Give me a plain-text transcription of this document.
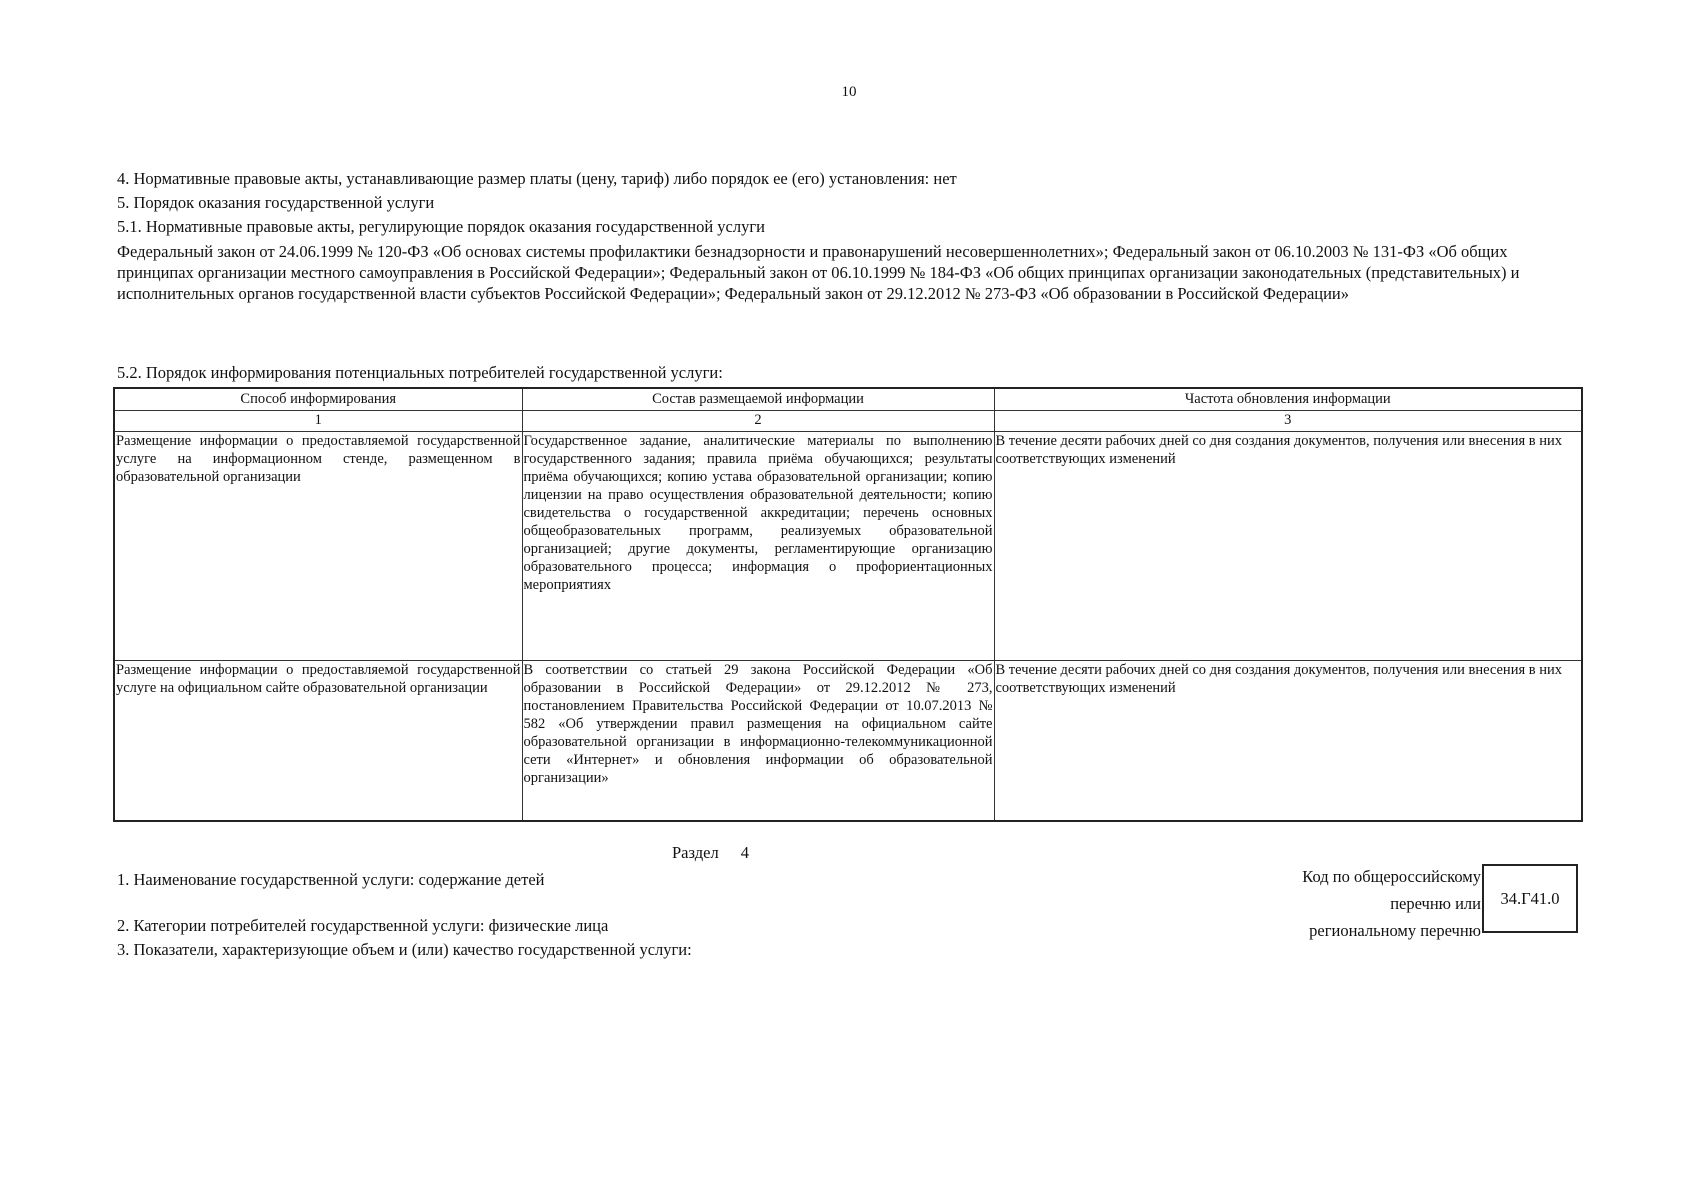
10
4. Нормативные правовые акты, устанавливающие размер платы (цену, тариф) либо порядок ее (его) установления: нет
5. Порядок оказания государственной услуги
5.1. Нормативные правовые акты, регулирующие порядок оказания государственной услуги
Федеральный закон от 24.06.1999 № 120-ФЗ «Об основах системы профилактики безнадзорности и правонарушений несовершеннолетних»; Федеральный закон от 06.10.2003 № 131-ФЗ «Об общих принципах организации местного самоуправления в Российской Федерации»; Федеральный закон от 06.10.1999 № 184-ФЗ «Об общих принципах организации законодательных (представительных) и исполнительных органов государственной власти субъектов Российской Федерации»; Федеральный закон от 29.12.2012 № 273-ФЗ «Об образовании в Российской Федерации»
5.2. Порядок информирования потенциальных потребителей государственной услуги:
Способ информирования	Состав размещаемой информации	Частота обновления информации
1	2	3
Размещение информации о предоставляемой государственной услуге на информационном стенде, размещенном в образовательной организации	Государственное задание, аналитические материалы по выполнению государственного задания; правила приёма обучающихся; результаты приёма обучающихся; копию устава образовательной организации; копию лицензии на право осуществления образовательной деятельности; копию свидетельства о государственной аккредитации; перечень основных общеобразовательных программ, реализуемых образовательной организацией; другие документы, регламентирующие организацию образовательного процесса; информация о профориентационных мероприятиях	В течение десяти рабочих дней со дня создания документов, получения или внесения в них соответствующих изменений
Размещение информации о предоставляемой государственной услуге на официальном сайте образовательной организации	В соответствии со статьей 29 закона Российской Федерации «Об образовании в Российской Федерации» от 29.12.2012 № 273, постановлением Правительства Российской Федерации от 10.07.2013 № 582 «Об утверждении правил размещения на официальном сайте образовательной организации в информационно-телекоммуникационной сети «Интернет» и обновления информации об образовательной организации»	В течение десяти рабочих дней со дня создания документов, получения или внесения в них соответствующих изменений
Раздел 4
1. Наименование государственной услуги: содержание детей
2. Категории потребителей государственной услуги: физические лица
3. Показатели, характеризующие объем и (или) качество государственной услуги:
Код по общероссийскому
перечню или
региональному перечню
34.Г41.0
